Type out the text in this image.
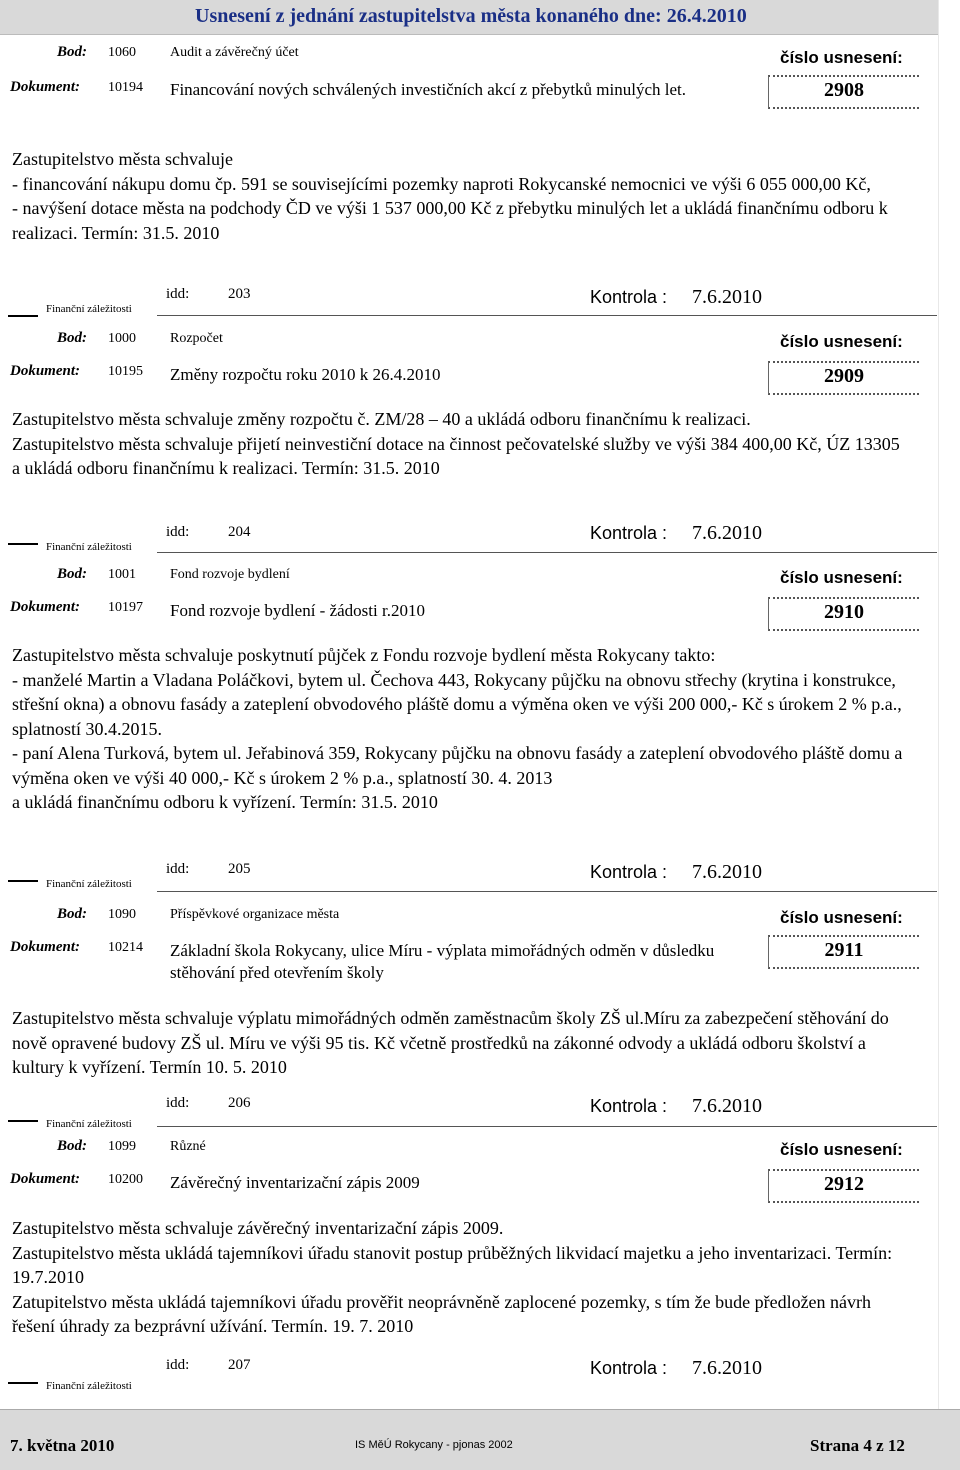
Usnesení z jednání zastupitelstva města konaného dne: 26.4.2010
Bod: 1060 Audit a závěrečný účet	číslo usnesení:
Dokument: 10194 Financování nových schválených investičních akcí z přebytků minulých let.	2908
Zastupitelstvo města schvaluje
- financování nákupu domu čp. 591 se souvisejícími pozemky naproti Rokycanské nemocnici ve výši 6 055 000,00 Kč,
- navýšení dotace města na podchody ČD ve výši 1 537 000,00 Kč z přebytku minulých let a ukládá finančnímu odboru k realizaci. Termín: 31.5. 2010
Finanční záležitosti
idd:	203	Kontrola : 7.6.2010
Bod: 1000 Rozpočet	číslo usnesení:
Dokument: 10195 Změny rozpočtu roku 2010 k 26.4.2010	2909
Zastupitelstvo města schvaluje změny rozpočtu č. ZM/28 – 40 a ukládá odboru finančnímu k realizaci.
Zastupitelstvo města schvaluje přijetí neinvestiční dotace na činnost pečovatelské služby ve výši 384 400,00 Kč, ÚZ 13305 a ukládá odboru finančnímu k realizaci. Termín: 31.5. 2010
Finanční záležitosti
idd:	204	Kontrola : 7.6.2010
Bod: 1001 Fond rozvoje bydlení	číslo usnesení:
Dokument: 10197 Fond rozvoje bydlení - žádosti r.2010	2910
Zastupitelstvo města schvaluje poskytnutí půjček z Fondu rozvoje bydlení města Rokycany takto:
- manželé Martin a Vladana Poláčkovi, bytem ul. Čechova 443, Rokycany půjčku na obnovu střechy (krytina i konstrukce, střešní okna) a obnovu fasády a zateplení obvodového pláště domu a výměna oken ve výši 200 000,- Kč s úrokem 2 % p.a., splatností 30.4.2015.
- paní Alena Turková, bytem ul. Jeřabinová 359, Rokycany půjčku na obnovu fasády a zateplení obvodového pláště domu a výměna oken ve výši 40 000,- Kč s úrokem 2 % p.a., splatností 30. 4. 2013
a ukládá finančnímu odboru k vyřízení. Termín: 31.5. 2010
Finanční záležitosti
idd:	205	Kontrola : 7.6.2010
Bod: 1090 Příspěvkové organizace města	číslo usnesení:
Dokument: 10214 Základní škola Rokycany, ulice Míru - výplata mimořádných odměn v důsledku stěhování před otevřením školy
2911
Zastupitelstvo města schvaluje výplatu mimořádných odměn zaměstnacům školy ZŠ ul.Míru za zabezpečení stěhování do nově opravené budovy ZŠ ul. Míru ve výši 95 tis. Kč včetně prostředků na zákonné odvody a ukládá odboru školství a kultury k vyřízení. Termín 10. 5. 2010
Finanční záležitosti
idd:	206	Kontrola : 7.6.2010
Bod: 1099 Různé	číslo usnesení:
Dokument: 10200 Závěrečný inventarizační zápis 2009	2912
Zastupitelstvo města schvaluje závěrečný inventarizační zápis 2009.
Zastupitelstvo města ukládá tajemníkovi úřadu stanovit postup průběžných likvidací majetku a jeho inventarizaci. Termín: 19.7.2010
Zatupitelstvo města ukládá tajemníkovi úřadu prověřit neoprávněně zaplocené pozemky, s tím že bude předložen návrh řešení úhrady za bezprávní užívání. Termín. 19. 7. 2010
Finanční záležitosti
idd:	207	Kontrola : 7.6.2010
7. května 2010	IS MěÚ Rokycany - pjonas 2002	Strana 4 z 12
